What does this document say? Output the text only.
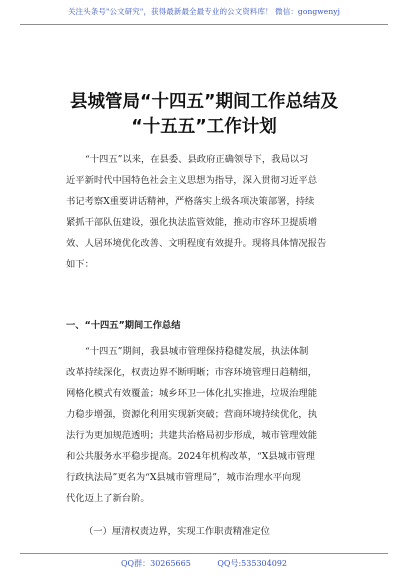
关注头条号"公文研究"，获得最新最全最专业的公文资料库！ 微信：gongwenyj
县城管局“十四五”期间工作总结及
“十五五”工作计划
“十四五”以来，在县委、县政府正确领导下，我局以习
近平新时代中国特色社会主义思想为指导，深入贯彻习近平总
书记考察X重要讲话精神，严格落实上级各项决策部署，持续
紧抓干部队伍建设，强化执法监管效能，推动市容环卫提质增
效、人居环境优化改善、文明程度有效提升。现将具体情况报告
如下：
一、“十四五”期间工作总结
“十四五”期间，我县城市管理保持稳健发展，执法体制
改革持续深化，权责边界不断明晰；市容环境管理日趋精细，
网格化模式有效覆盖；城乡环卫一体化扎实推进，垃圾治理能
力稳步增强，资源化利用实现新突破；营商环境持续优化，执
法行为更加规范透明；共建共治格局初步形成，城市管理效能
和公共服务水平稳步提高。2024年机构改革，“X县城市管理
行政执法局”更名为“X县城市管理局”，城市治理水平向现
代化迈上了新台阶。
（一）厘清权责边界，实现工作职责精准定位
QQ群：30265665	QQ号:535304092
